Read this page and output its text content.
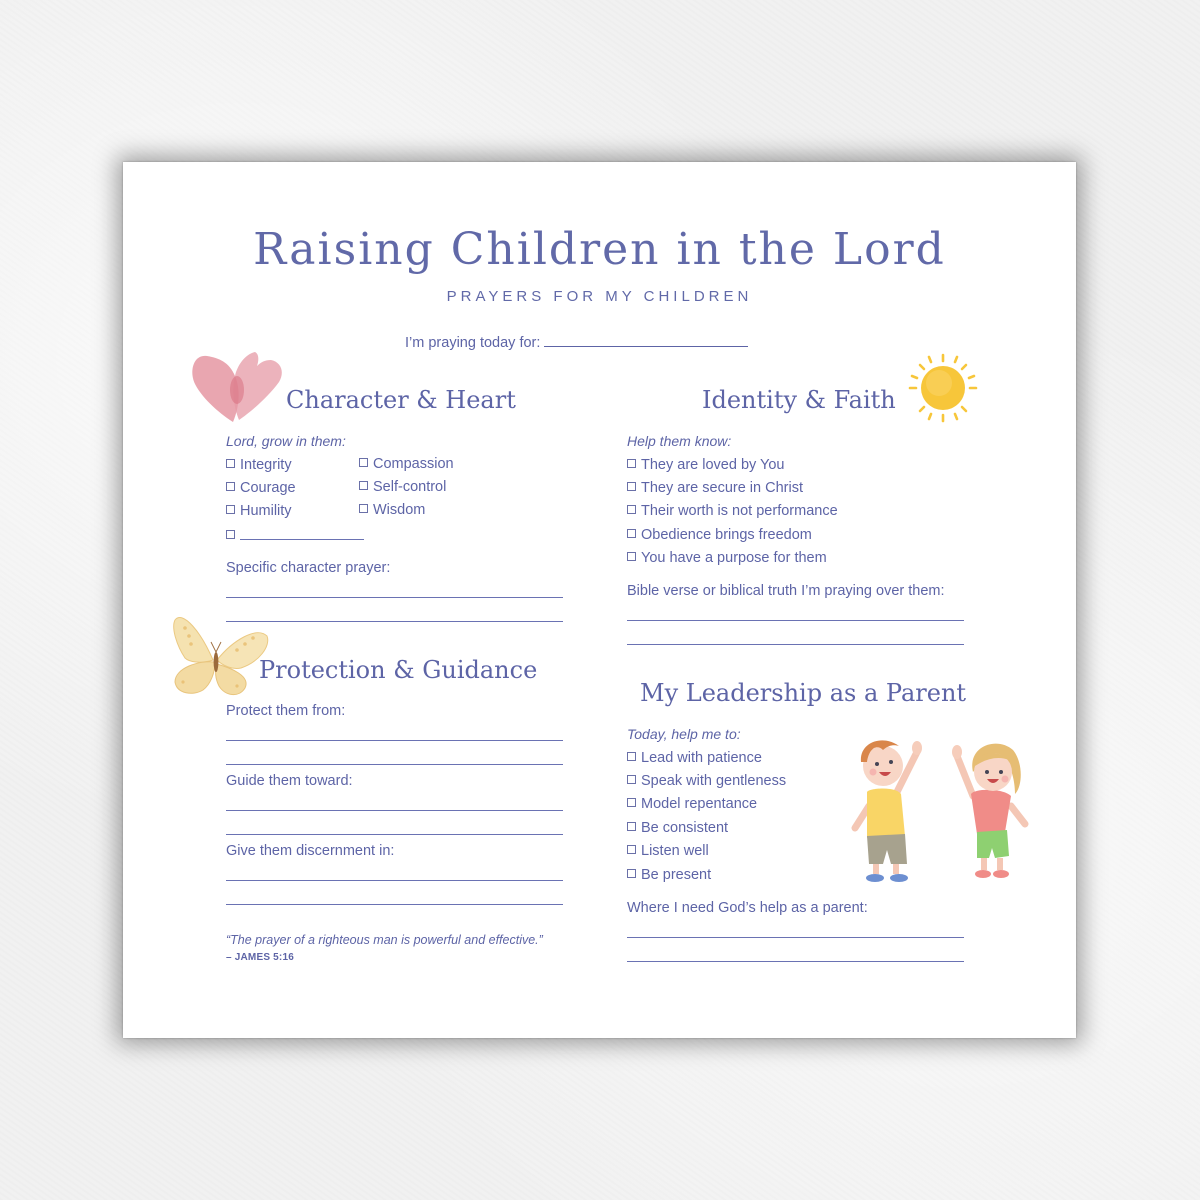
Raising Children in the Lord
PRAYERS FOR MY CHILDREN
I’m praying today for:
Character & Heart
Lord, grow in them:
Integrity
Courage
Humility
Compassion
Self-control
Wisdom
Specific character prayer:
Protection & Guidance
Protect them from:
Guide them toward:
Give them discernment in:
“The prayer of a righteous man is powerful and effective.”
– JAMES 5:16
Identity & Faith
Help them know:
They are loved by You
They are secure in Christ
Their worth is not performance
Obedience brings freedom
You have a purpose for them
Bible verse or biblical truth I’m praying over them:
My Leadership as a Parent
Today, help me to:
Lead with patience
Speak with gentleness
Model repentance
Be consistent
Listen well
Be present
Where I need God’s help as a parent:
